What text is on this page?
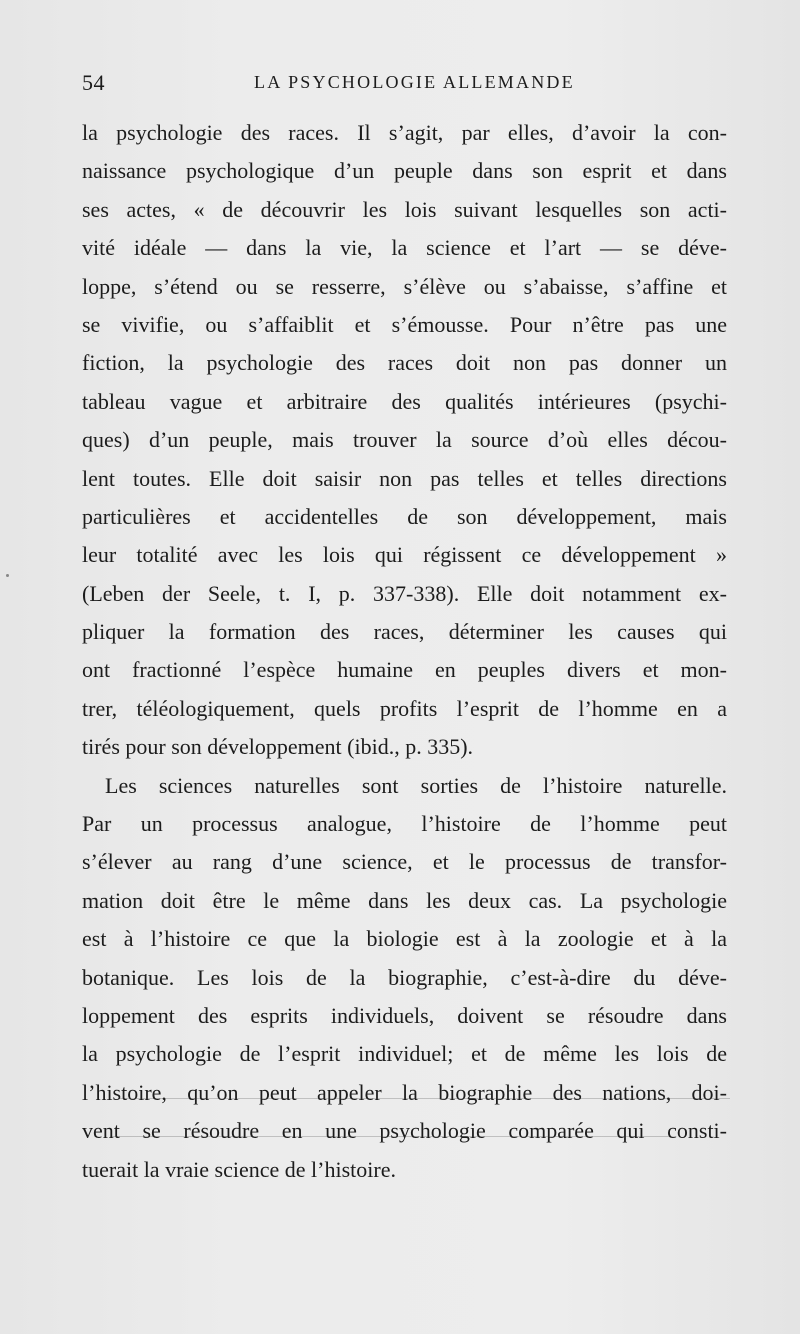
54	LA PSYCHOLOGIE ALLEMANDE
la psychologie des races. Il s’agit, par elles, d’avoir la con-
naissance psychologique d’un peuple dans son esprit et dans
ses actes, « de découvrir les lois suivant lesquelles son acti-
vité idéale — dans la vie, la science et l’art — se déve-
loppe, s’étend ou se resserre, s’élève ou s’abaisse, s’affine et
se vivifie, ou s’affaiblit et s’émousse. Pour n’être pas une
fiction, la psychologie des races doit non pas donner un
tableau vague et arbitraire des qualités intérieures (psychi-
ques) d’un peuple, mais trouver la source d’où elles décou-
lent toutes. Elle doit saisir non pas telles et telles directions
particulières et accidentelles de son développement, mais
leur totalité avec les lois qui régissent ce développement »
(Leben der Seele, t. I, p. 337-338). Elle doit notamment ex-
pliquer la formation des races, déterminer les causes qui
ont fractionné l’espèce humaine en peuples divers et mon-
trer, téléologiquement, quels profits l’esprit de l’homme en a
tirés pour son développement (ibid., p. 335).
Les sciences naturelles sont sorties de l’histoire naturelle.
Par un processus analogue, l’histoire de l’homme peut
s’élever au rang d’une science, et le processus de transfor-
mation doit être le même dans les deux cas. La psychologie
est à l’histoire ce que la biologie est à la zoologie et à la
botanique. Les lois de la biographie, c’est-à-dire du déve-
loppement des esprits individuels, doivent se résoudre dans
la psychologie de l’esprit individuel; et de même les lois de
l’histoire, qu’on peut appeler la biographie des nations, doi-
vent se résoudre en une psychologie comparée qui consti-
tuerait la vraie science de l’histoire.
